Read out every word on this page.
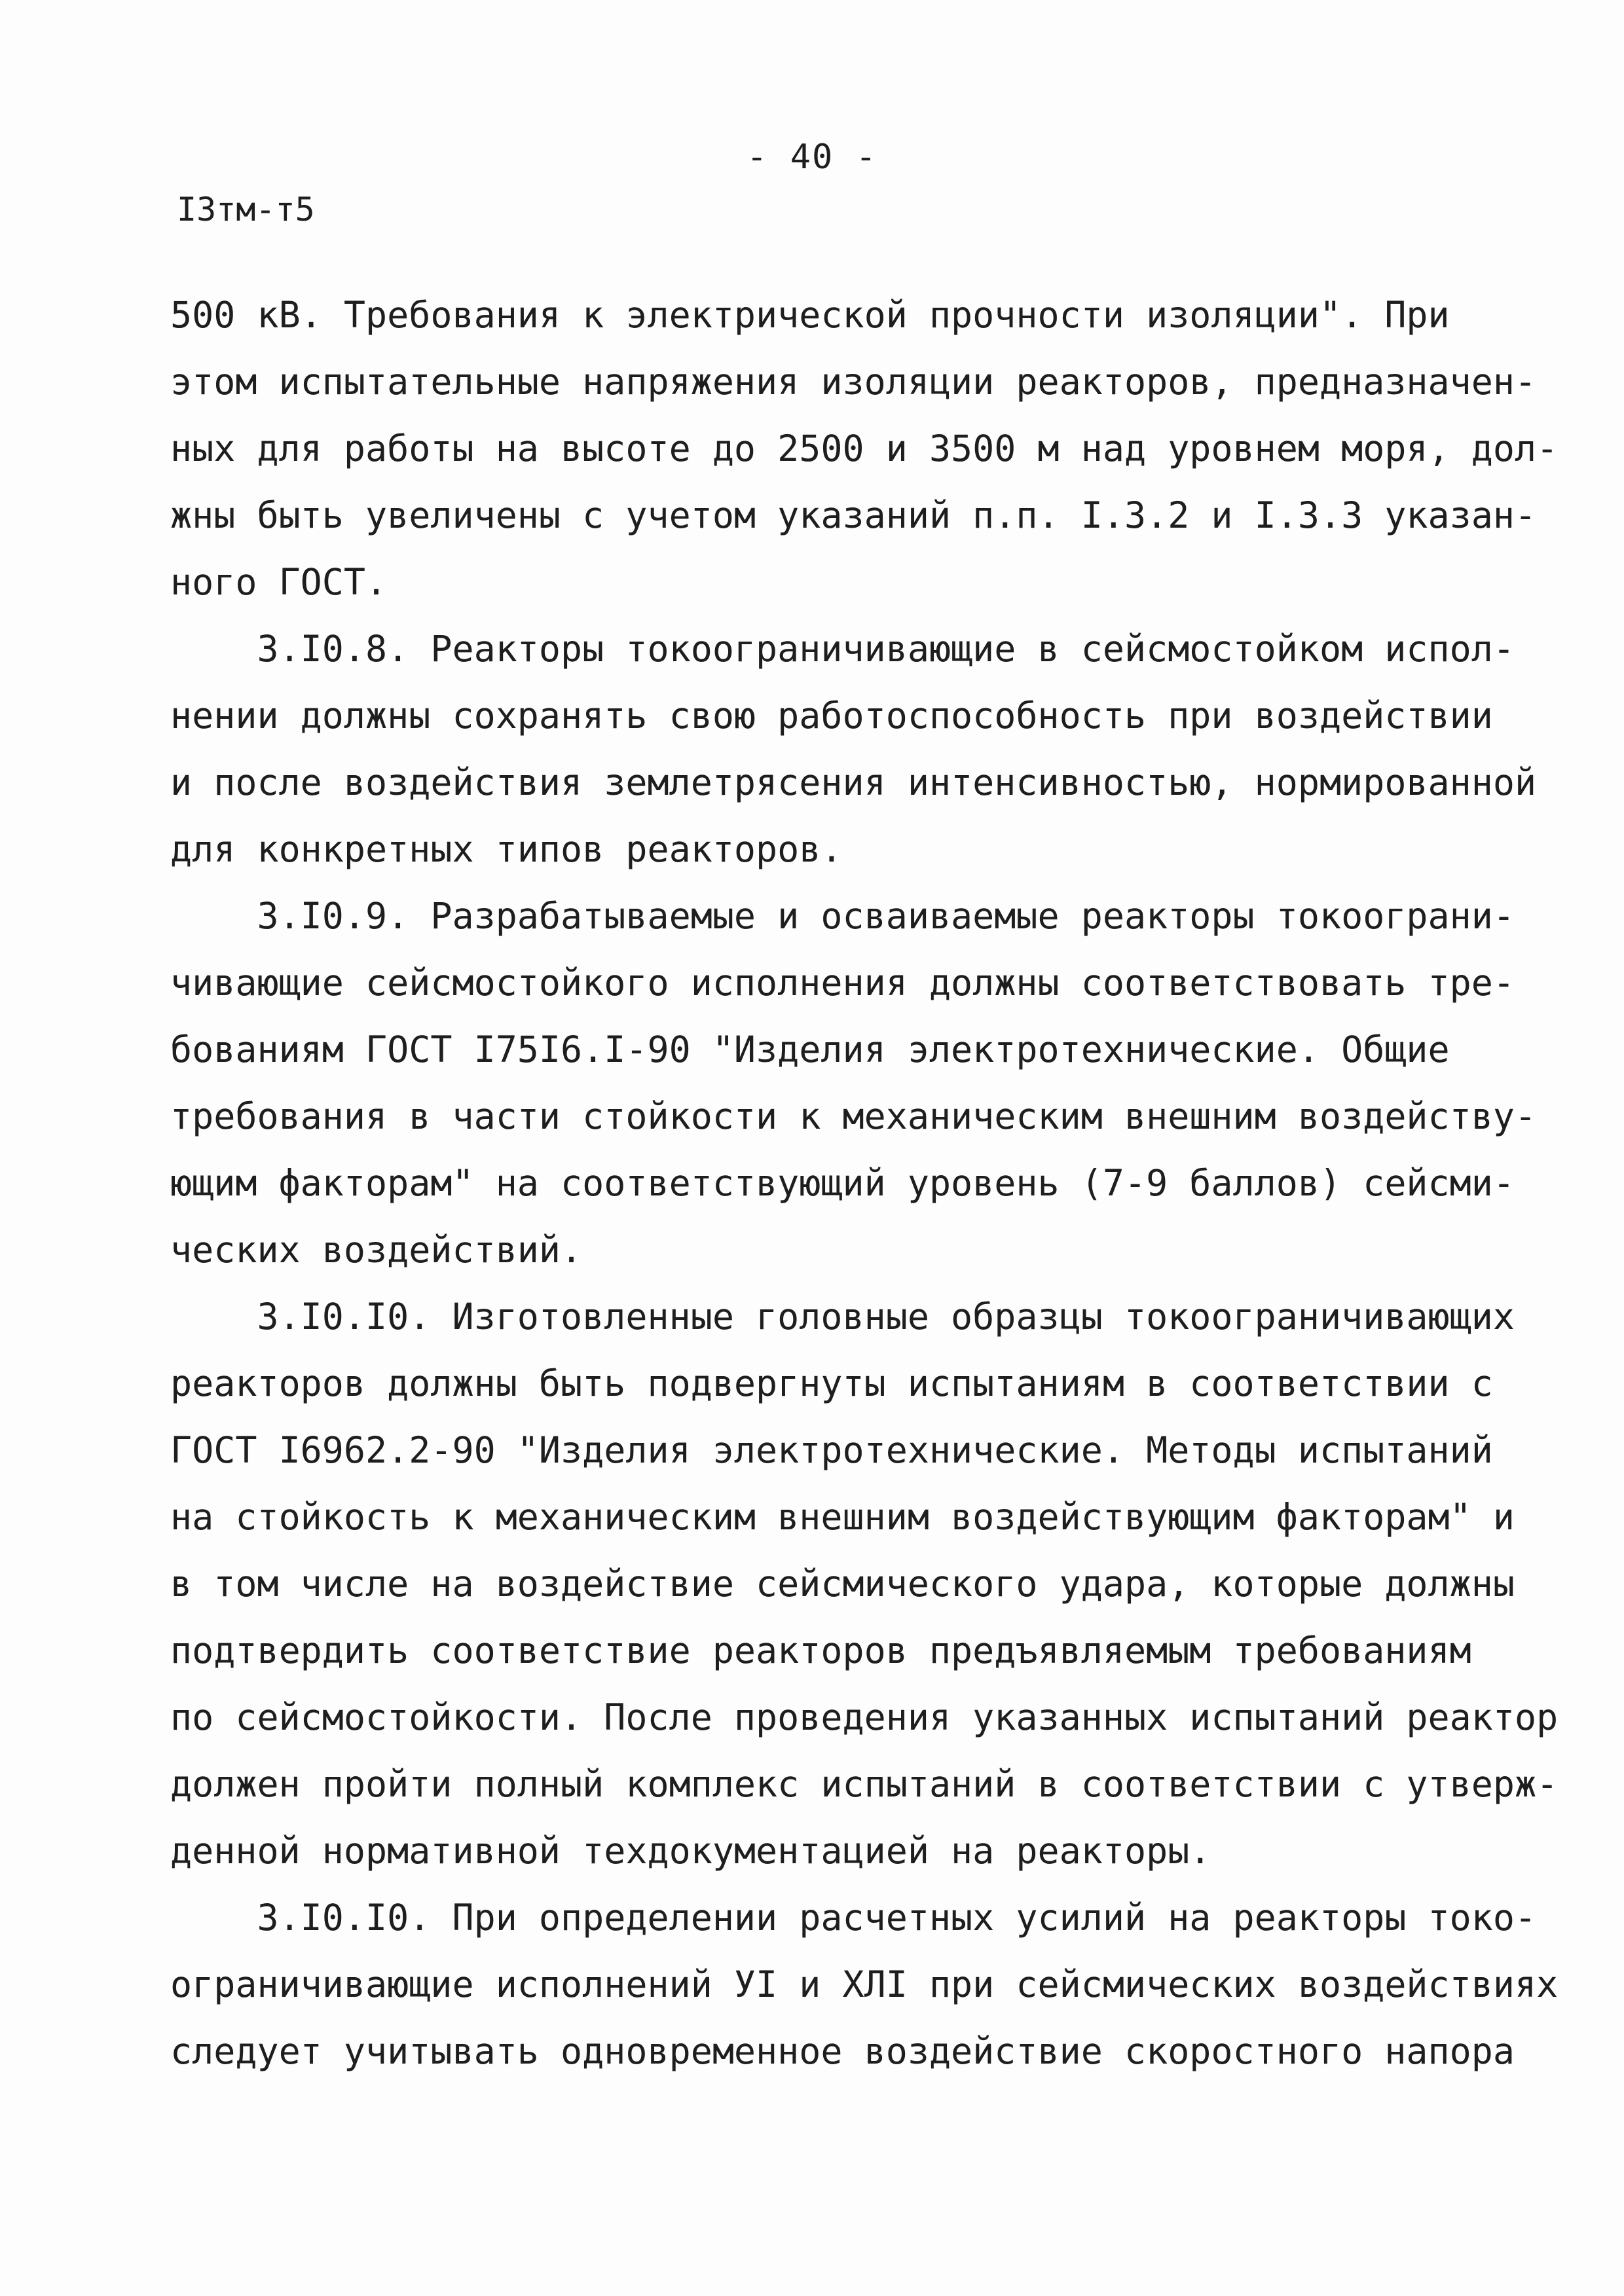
- 40 -
I3тм-т5
500 кВ. Требования к электрической прочности изоляции". При
этом испытательные напряжения изоляции реакторов, предназначен-
ных для работы на высоте до 2500 и 3500 м над уровнем моря, дол-
жны быть увеличены с учетом указаний п.п. I.3.2 и I.3.3 указан-
ного ГОСТ.
3.I0.8. Реакторы токоограничивающие в сейсмостойком испол-
нении должны сохранять свою работоспособность при воздействии
и после воздействия землетрясения интенсивностью, нормированной
для конкретных типов реакторов.
3.I0.9. Разрабатываемые и осваиваемые реакторы токоограни-
чивающие сейсмостойкого исполнения должны соответствовать тре-
бованиям ГОСТ I75I6.I-90 "Изделия электротехнические. Общие
требования в части стойкости к механическим внешним воздейству-
ющим факторам" на соответствующий уровень (7-9 баллов) сейсми-
ческих воздействий.
3.I0.I0. Изготовленные головные образцы токоограничивающих
реакторов должны быть подвергнуты испытаниям в соответствии с
ГОСТ I6962.2-90 "Изделия электротехнические. Методы испытаний
на стойкость к механическим внешним воздействующим факторам" и
в том числе на воздействие сейсмического удара, которые должны
подтвердить соответствие реакторов предъявляемым требованиям
по сейсмостойкости. После проведения указанных испытаний реактор
должен пройти полный комплекс испытаний в соответствии с утверж-
денной нормативной техдокументацией на реакторы.
3.I0.I0. При определении расчетных усилий на реакторы токо-
ограничивающие исполнений УI и ХЛI при сейсмических воздействиях
следует учитывать одновременное воздействие скоростного напора
